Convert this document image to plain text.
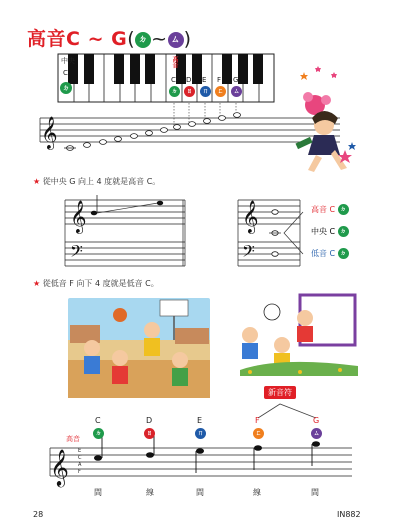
高音C ~ G( ㄉ ~ ㄙ )
𝄞
𝄞
𝄢
𝄞
𝄢
𝄞
中央
C
ㄉ
高音
C D E F G
ㄉ	ㄖ	ㄇ	ㄈ	ㄙ
★ 從中央 G 向上 4 度就是高音 C。
★ 從低音 F 向下 4 度就是低音 C。
高音 C ㄉ
中央 C ㄉ
低音 C ㄉ
新音符
C	D	E	F	G
ㄉ	ㄖ	ㄇ	ㄈ	ㄙ
高音
E
C
A
F
間	線	間	線	間
28	IN882
